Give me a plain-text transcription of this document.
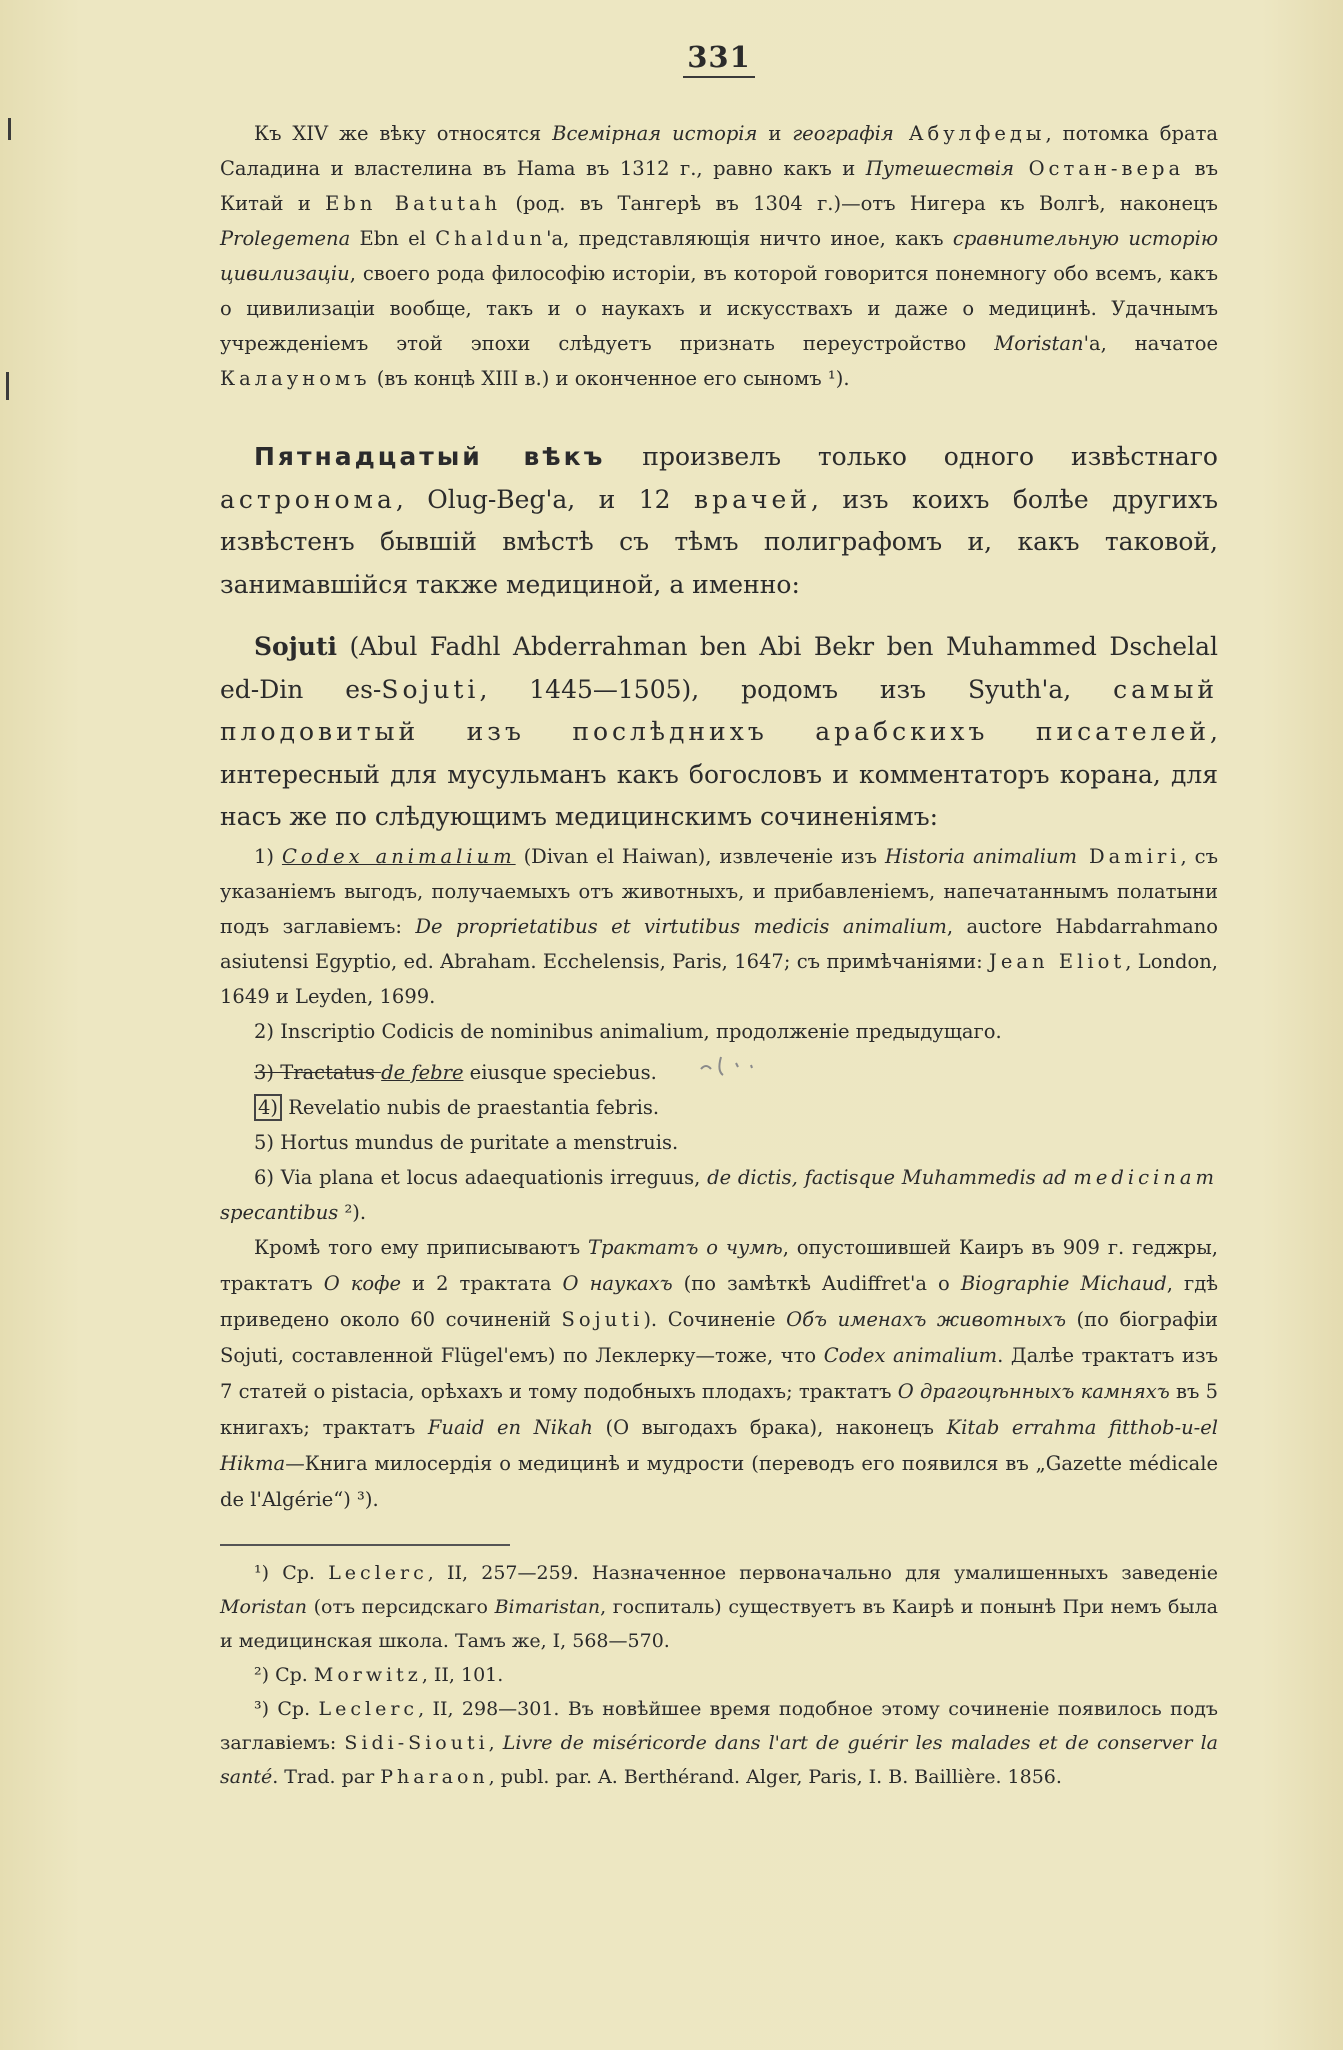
331

Къ XIV же вѣку относятся Всемірная исторія и географія Абулфеды, потомка брата Саладина и властелина въ Hama въ 1312 г., равно какъ и Путешествія Остан-вера въ Китай и Ebn Batutah (род. въ Тангерѣ въ 1304 г.)—отъ Нигера къ Волгѣ, наконецъ Prolegemena Ebn el Chaldun'а, представляющія ничто иное, какъ сравнительную исторію цивилизаціи, своего рода философію исторіи, въ которой говорится понемногу обо всемъ, какъ о цивилизаціи вообще, такъ и о наукахъ и искусствахъ и даже о медицинѣ. Удачнымъ учрежденіемъ этой эпохи слѣдуетъ признать переустройство Moristan'а, начатое Калауномъ (въ концѣ XIII в.) и оконченное его сыномъ ¹).

Пятнадцатый вѣкъ произвелъ только одного извѣстнаго астронома, Olug-Beg'а, и 12 врачей, изъ коихъ болѣе другихъ извѣстенъ бывшій вмѣстѣ съ тѣмъ полиграфомъ и, какъ таковой, занимавшійся также медициной, а именно:

Sojuti (Abul Fadhl Abderrahman ben Abi Bekr ben Muhammed Dschelal ed-Din es-Sojuti, 1445—1505), родомъ изъ Syuth'а, самый плодовитый изъ послѣднихъ арабскихъ писателей, интересный для мусульманъ какъ богословъ и комментаторъ корана, для насъ же по слѣдующимъ медицинскимъ сочиненіямъ:

1) Codex animalium (Divan el Haiwan), извлеченіе изъ Historia animalium Damiri, съ указаніемъ выгодъ, получаемыхъ отъ животныхъ, и прибавленіемъ, напечатаннымъ полатыни подъ заглавіемъ: De proprietatibus et virtutibus medicis animalium, auctore Habdarrahmano asiutensi Egyptio, ed. Abraham. Ecchelensis, Paris, 1647; съ примѣчаніями: Jean Eliot, London, 1649 и Leyden, 1699.

2) Inscriptio Codicis de nominibus animalium, продолженіе предыдущаго.

3) Tractatus de febre eiusque speciebus.

4) Revelatio nubis de praestantia febris.

5) Hortus mundus de puritate a menstruis.

6) Via plana et locus adaequationis irreguus, de dictis, factisque Muhammedis ad medicinam specantibus ²).

Кромѣ того ему приписываютъ Трактатъ о чумѣ, опустошившей Каиръ въ 909 г. геджры, трактатъ О кофе и 2 трактата О наукахъ (по замѣткѣ Audiffret'а о Biographie Michaud, гдѣ приведено около 60 сочиненій Sojuti). Сочиненіе Объ именахъ животныхъ (по біографіи Sojuti, составленной Flügel'емъ) по Леклерку—тоже, что Codex animalium. Далѣе трактатъ изъ 7 статей о pistacia, орѣхахъ и тому подобныхъ плодахъ; трактатъ О драгоцѣнныхъ камняхъ въ 5 книгахъ; трактатъ Fuaid en Nikah (О выгодахъ брака), наконецъ Kitab errahma fitthob-u-el Hikma—Книга милосердія о медицинѣ и мудрости (переводъ его появился въ „Gazette médicale de l'Algérie“) ³).

¹) Ср. Leclerc, II, 257—259. Назначенное первоначально для умалишенныхъ заведеніе Moristan (отъ персидскаго Bimaristan, госпиталь) существуетъ въ Каирѣ и понынѣ При немъ была и медицинская школа. Тамъ же, I, 568—570.

²) Ср. Morwitz, II, 101.

³) Ср. Leclerc, II, 298—301. Въ новѣйшее время подобное этому сочиненіе появилось подъ заглавіемъ: Sidi-Siouti, Livre de miséricorde dans l'art de guérir les malades et de conserver la santé. Trad. par Pharaon, publ. par. A. Berthérand. Alger, Paris, I. B. Baillière. 1856.
